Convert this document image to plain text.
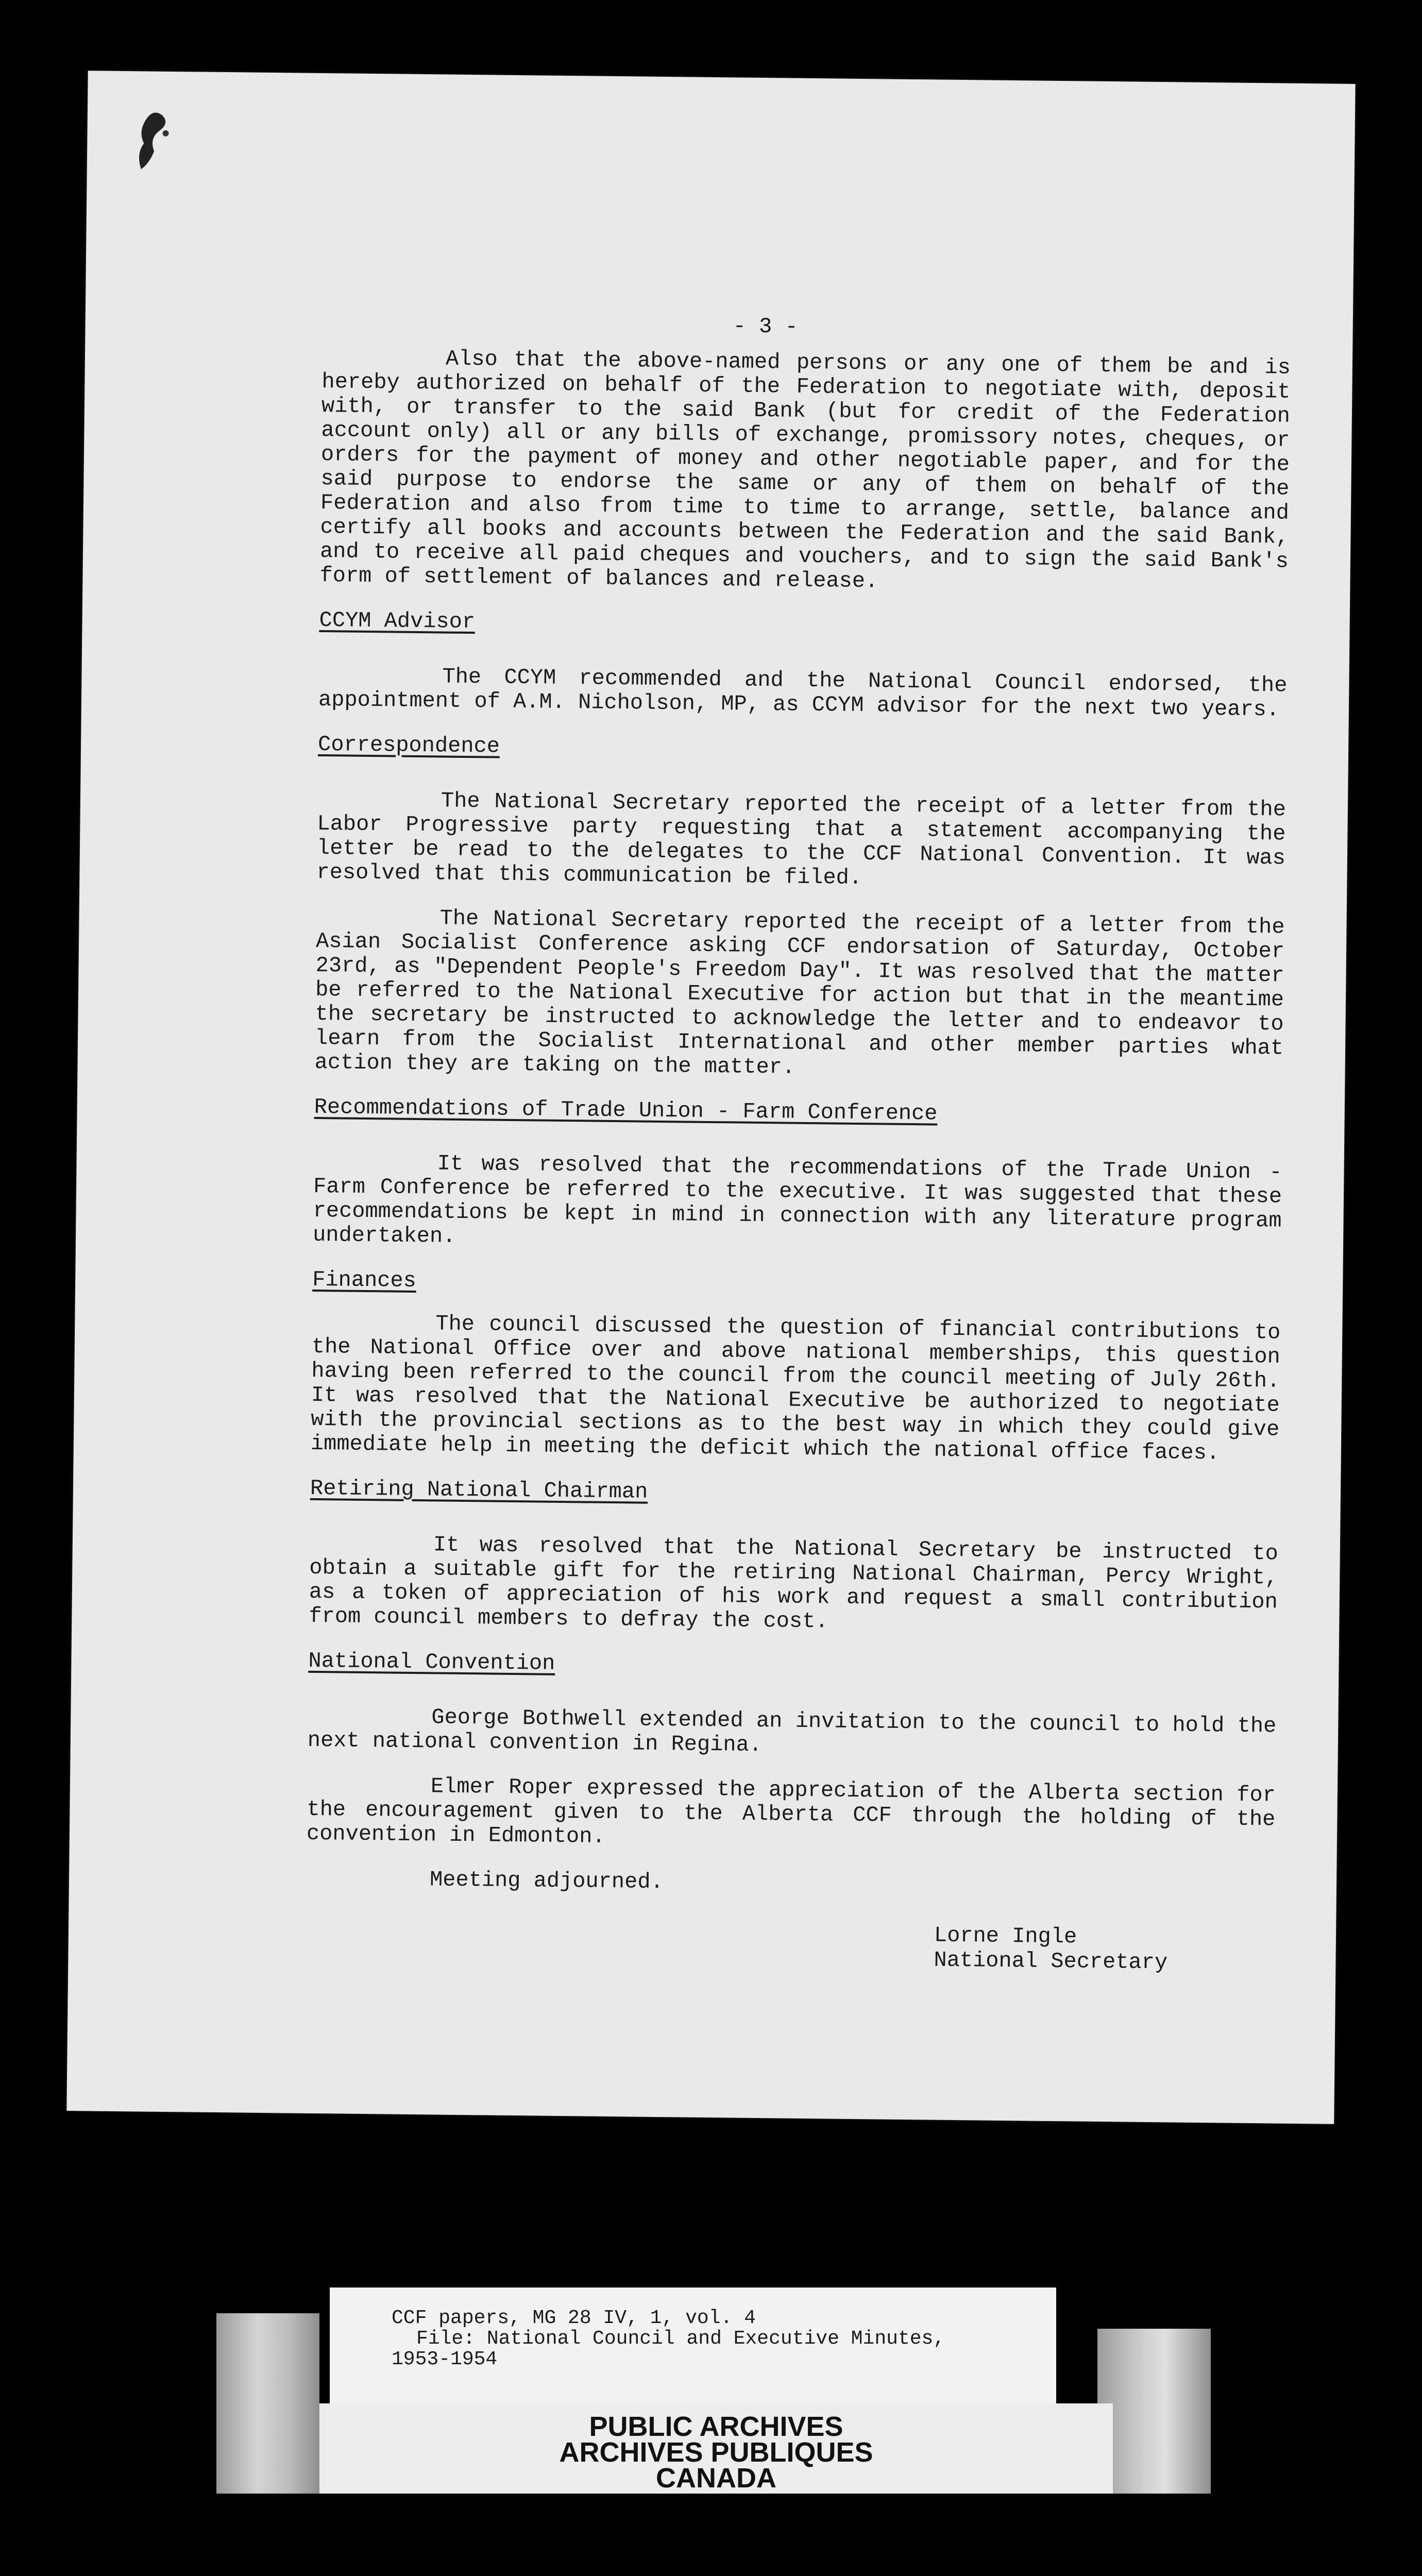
- 3 -

Also that the above-named persons or any one of them be and is hereby authorized on behalf of the Federation to negotiate with, deposit with, or transfer to the said Bank (but for credit of the Federation account only) all or any bills of exchange, promissory notes, cheques, or orders for the payment of money and other negotiable paper, and for the said purpose to endorse the same or any of them on behalf of the Federation and also from time to time to arrange, settle, balance and certify all books and accounts between the Federation and the said Bank, and to receive all paid cheques and vouchers, and to sign the said Bank's form of settlement of balances and release.

CCYM Advisor

The CCYM recommended and the National Council endorsed, the appointment of A.M. Nicholson, MP, as CCYM advisor for the next two years.

Correspondence

The National Secretary reported the receipt of a letter from the Labor Progressive party requesting that a statement accompanying the letter be read to the delegates to the CCF National Convention. It was resolved that this communication be filed.

The National Secretary reported the receipt of a letter from the Asian Socialist Conference asking CCF endorsation of Saturday, October 23rd, as "Dependent People's Freedom Day". It was resolved that the matter be referred to the National Executive for action but that in the meantime the secretary be instructed to acknowledge the letter and to endeavor to learn from the Socialist International and other member parties what action they are taking on the matter.

Recommendations of Trade Union - Farm Conference

It was resolved that the recommendations of the Trade Union - Farm Conference be referred to the executive. It was suggested that these recommendations be kept in mind in connection with any literature program undertaken.

Finances

The council discussed the question of financial contributions to the National Office over and above national memberships, this question having been referred to the council from the council meeting of July 26th. It was resolved that the National Executive be authorized to negotiate with the provincial sections as to the best way in which they could give immediate help in meeting the deficit which the national office faces.

Retiring National Chairman

It was resolved that the National Secretary be instructed to obtain a suitable gift for the retiring National Chairman, Percy Wright, as a token of appreciation of his work and request a small contribution from council members to defray the cost.

National Convention

George Bothwell extended an invitation to the council to hold the next national convention in Regina.

Elmer Roper expressed the appreciation of the Alberta section for the encouragement given to the Alberta CCF through the holding of the convention in Edmonton.

Meeting adjourned.
Lorne Ingle
National Secretary
CCF papers, MG 28 IV, 1, vol. 4
File: National Council and Executive Minutes,
1953-1954
PUBLIC ARCHIVES
ARCHIVES PUBLIQUES
CANADA
